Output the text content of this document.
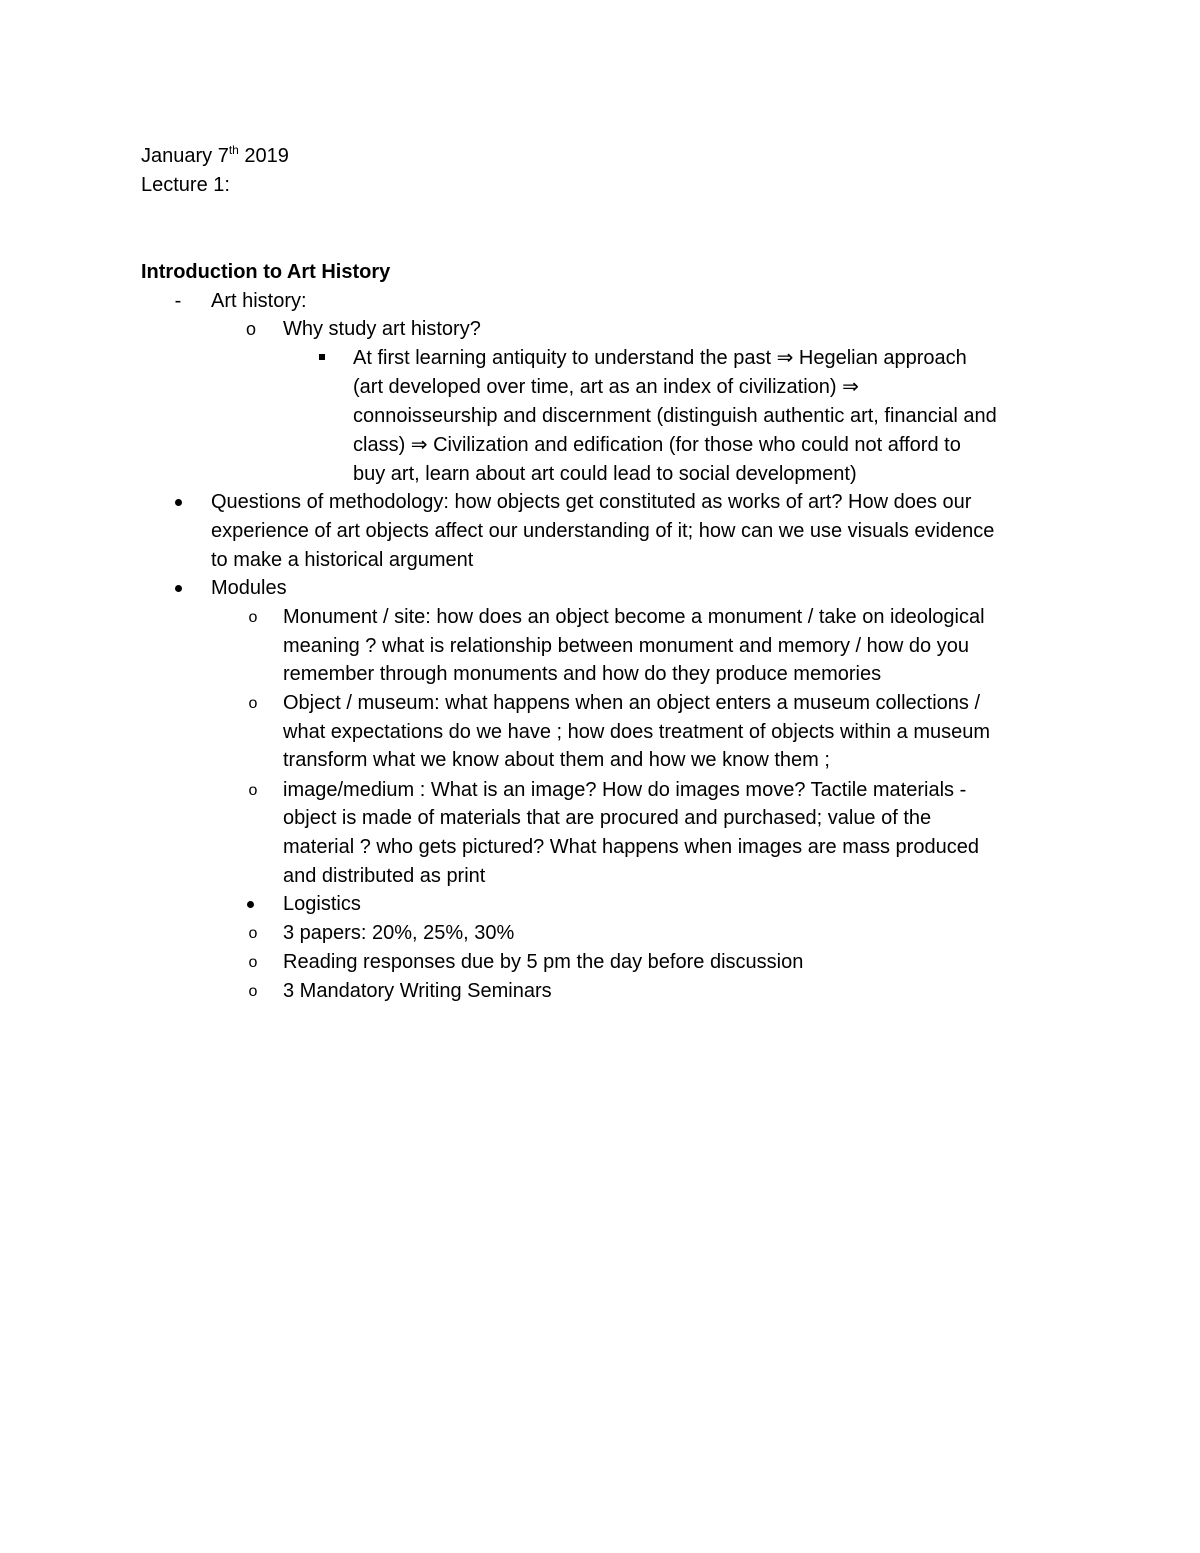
January 7th 2019
Lecture 1:
Introduction to Art History
-	Art history:
o Why study art history?
At first learning antiquity to understand the past ⇒ Hegelian approach
(art developed over time, art as an index of civilization) ⇒
connoisseurship and discernment (distinguish authentic art, financial and
class) ⇒ Civilization and edification (for those who could not afford to
buy art, learn about art could lead to social development)
Questions of methodology: how objects get constituted as works of art? How does our
experience of art objects affect our understanding of it; how can we use visuals evidence
to make a historical argument
Modules
o Monument / site: how does an object become a monument / take on ideological
meaning ? what is relationship between monument and memory / how do you
remember through monuments and how do they produce memories
o Object / museum: what happens when an object enters a museum collections /
what expectations do we have ; how does treatment of objects within a museum
transform what we know about them and how we know them ;
o image/medium : What is an image? How do images move? Tactile materials -
object is made of materials that are procured and purchased; value of the
material ? who gets pictured? What happens when images are mass produced
and distributed as print
Logistics
o 3 papers: 20%, 25%, 30%
o Reading responses due by 5 pm the day before discussion
o 3 Mandatory Writing Seminars
